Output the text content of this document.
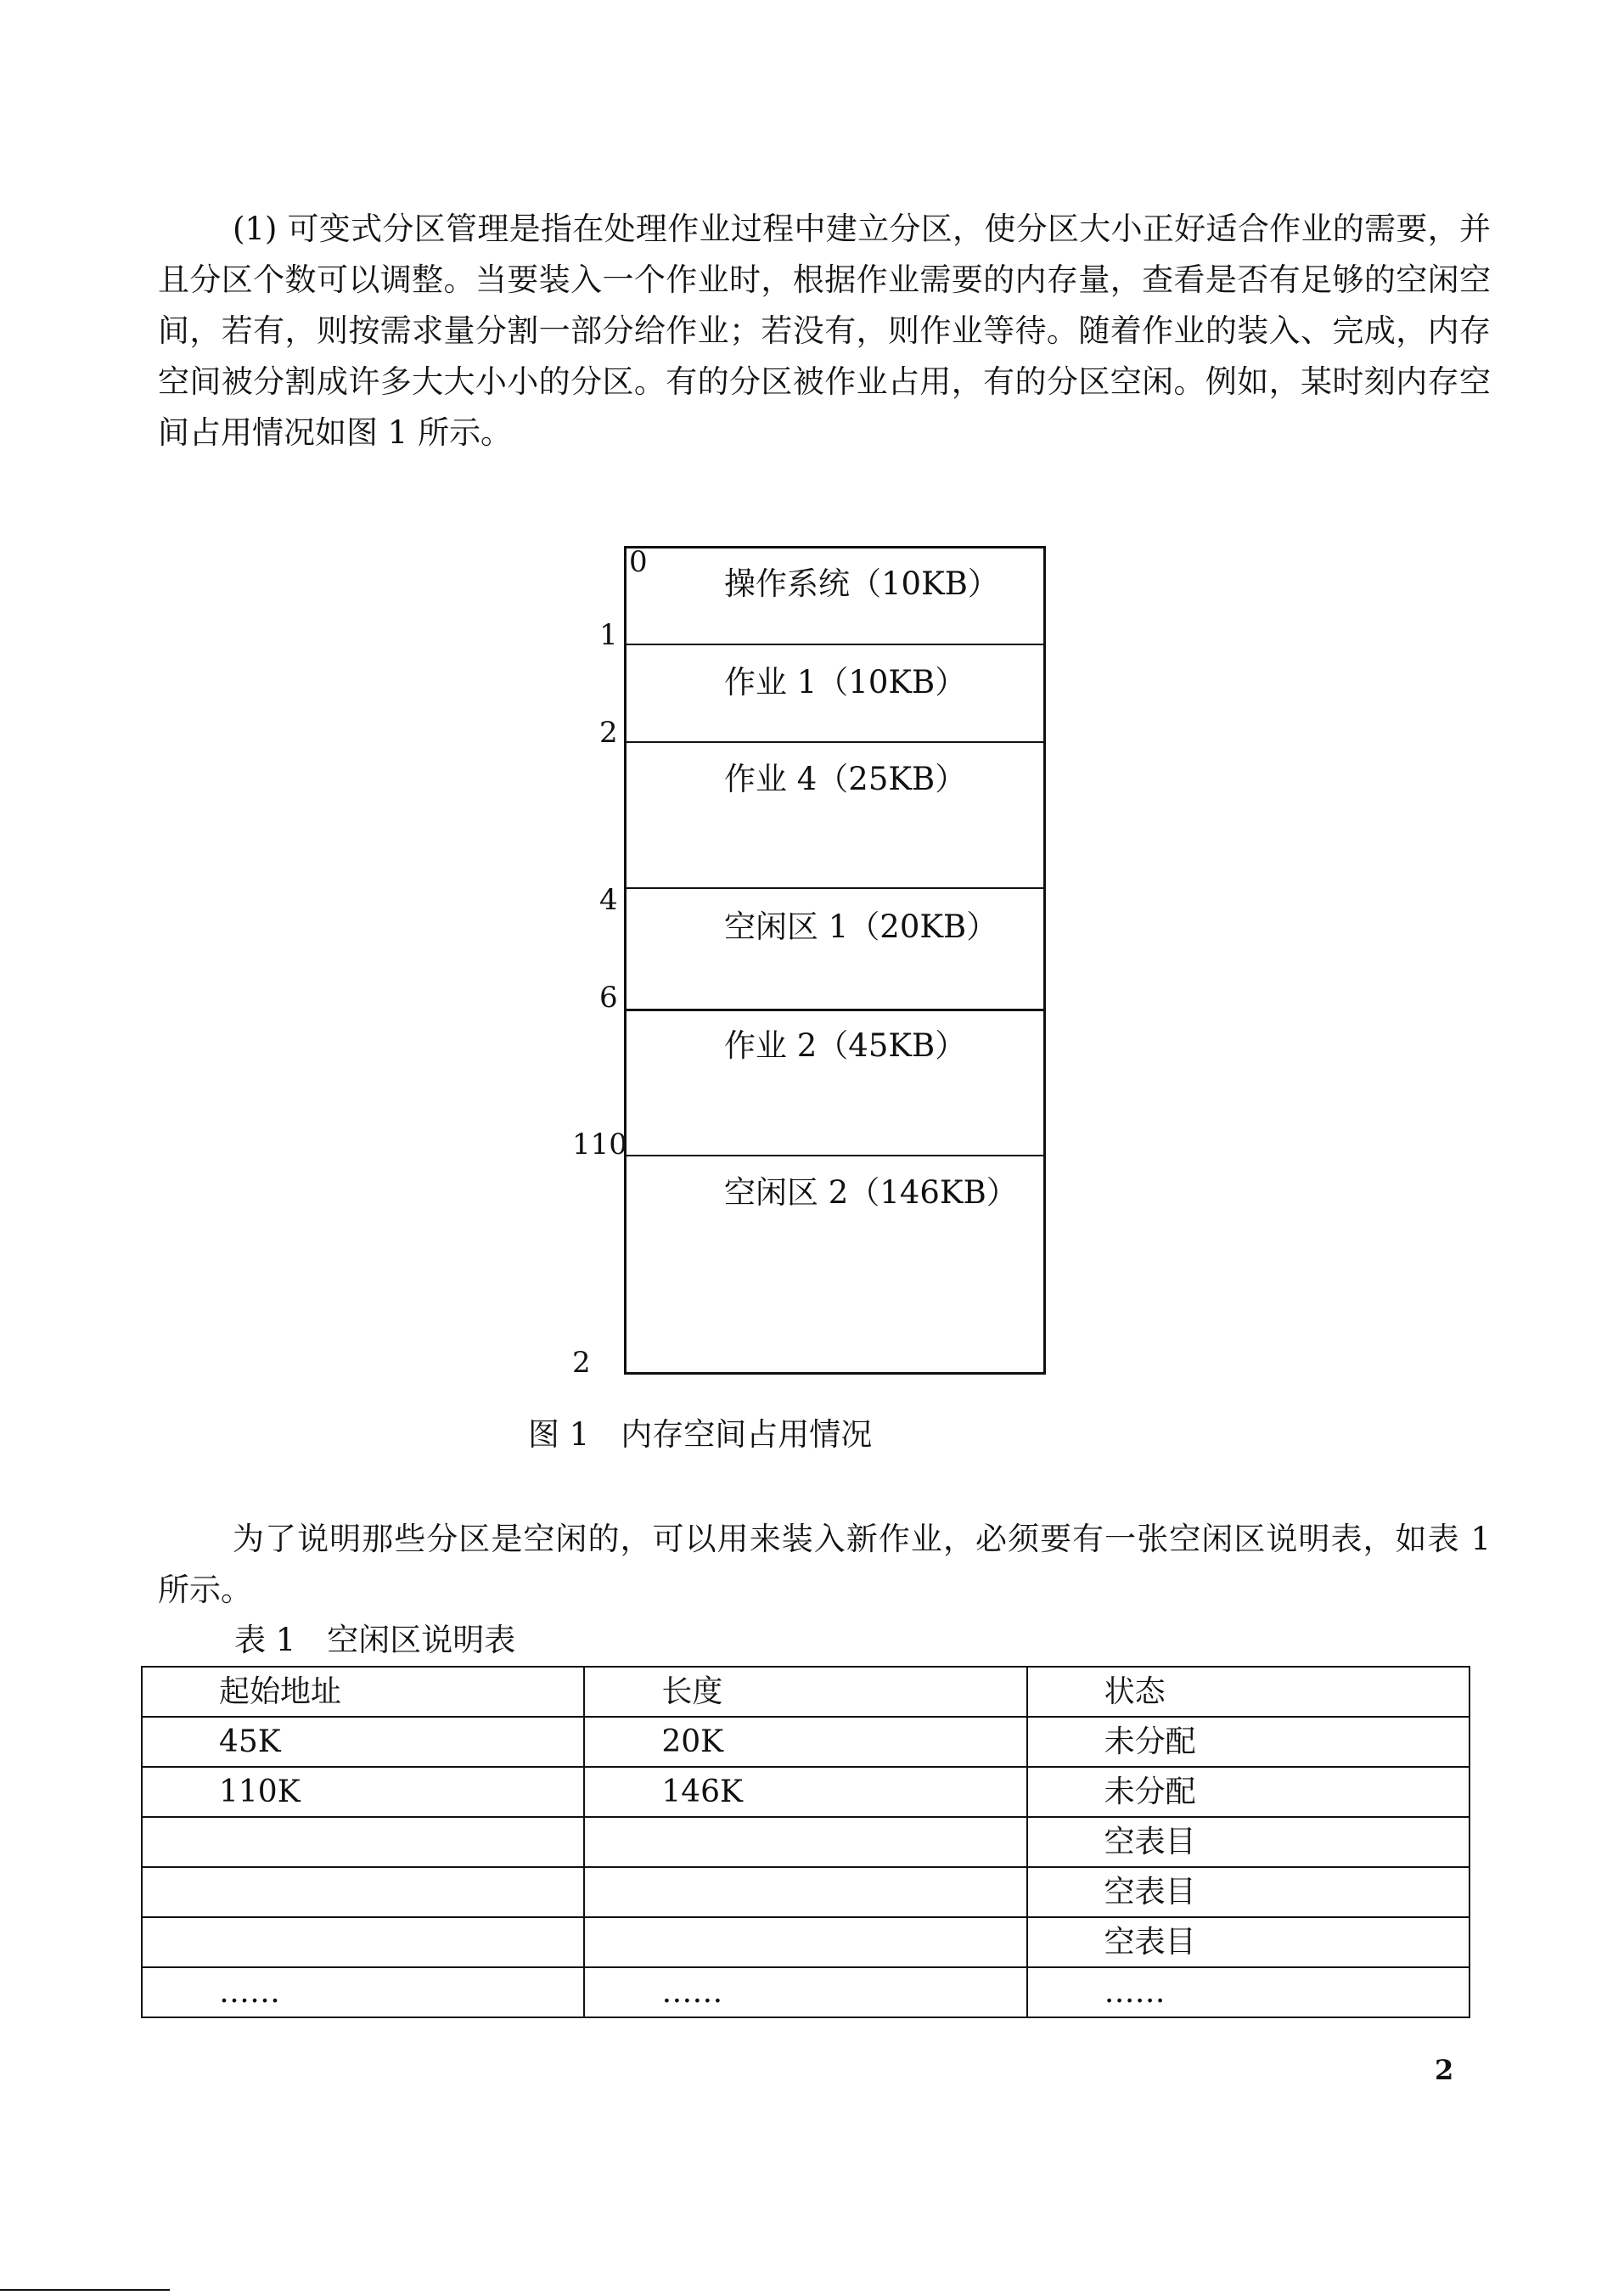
(1) 可变式分区管理是指在处理作业过程中建立分区，使分区大小正好适合作业的需要，并且分区个数可以调整。当要装入一个作业时，根据作业需要的内存量，查看是否有足够的空闲空间，若有，则按需求量分割一部分给作业；若没有，则作业等待。随着作业的装入、完成，内存空间被分割成许多大大小小的分区。有的分区被作业占用，有的分区空闲。例如，某时刻内存空间占用情况如图 1 所示。

操作系统（10KB）
作业 1（10KB）
作业 4（25KB）
空闲区 1（20KB）
作业 2（45KB）
空闲区 2（146KB）
0
1
2
4
6
110
2
图 1　内存空间占用情况

为了说明那些分区是空闲的，可以用来装入新作业，必须要有一张空闲区说明表，如表 1 所示。

表 1　空闲区说明表
起始地址	长度	状态
45K	20K	未分配
110K	146K	未分配
		空表目
		空表目
		空表目
……	……	……
2
